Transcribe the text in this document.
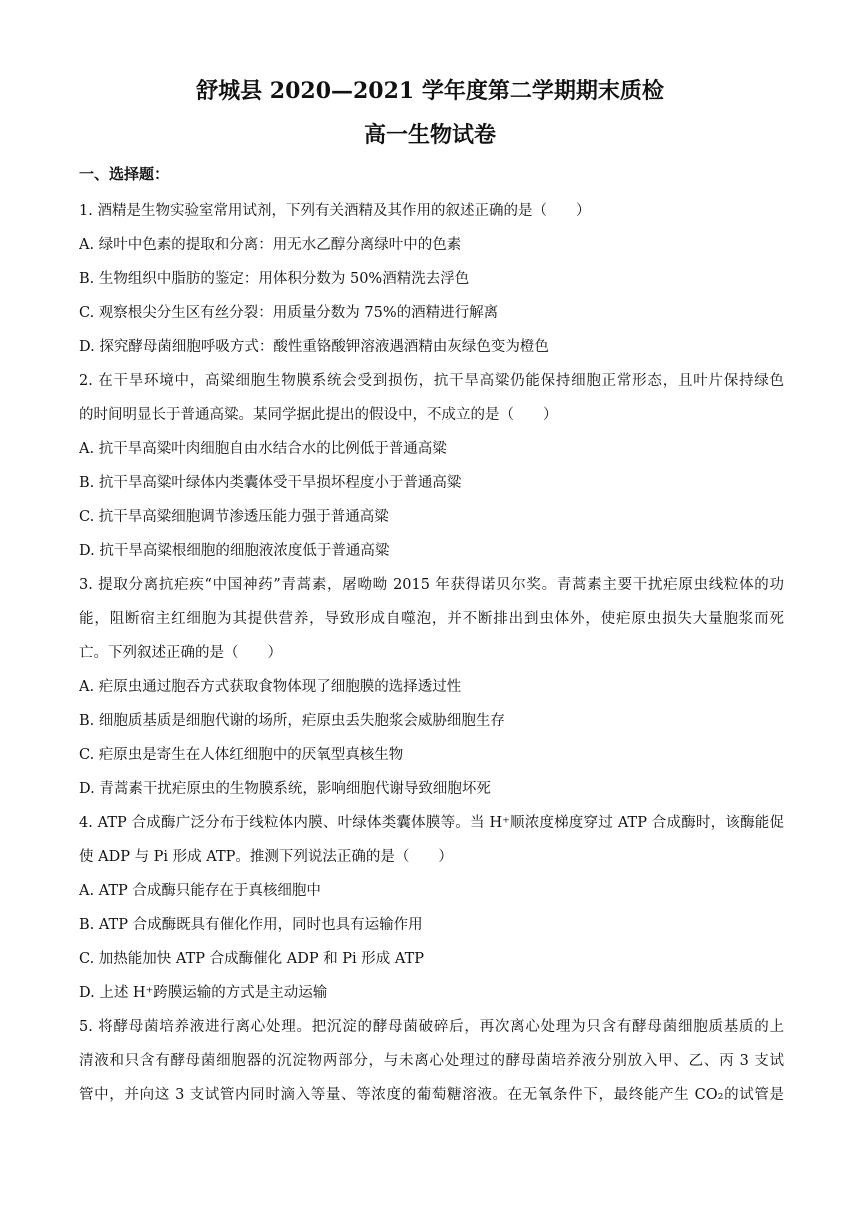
舒城县 2020—2021 学年度第二学期期末质检
高一生物试卷
一、选择题：
1. 酒精是生物实验室常用试剂，下列有关酒精及其作用的叙述正确的是（　　）
A. 绿叶中色素的提取和分离：用无水乙醇分离绿叶中的色素
B. 生物组织中脂肪的鉴定：用体积分数为 50%酒精洗去浮色
C. 观察根尖分生区有丝分裂：用质量分数为 75%的酒精进行解离
D. 探究酵母菌细胞呼吸方式：酸性重铬酸钾溶液遇酒精由灰绿色变为橙色
2. 在干旱环境中，高粱细胞生物膜系统会受到损伤，抗干旱高粱仍能保持细胞正常形态，且叶片保持绿色
的时间明显长于普通高粱。某同学据此提出的假设中，不成立的是（　　）
A. 抗干旱高粱叶肉细胞自由水结合水的比例低于普通高粱
B. 抗干旱高粱叶绿体内类囊体受干旱损坏程度小于普通高粱
C. 抗干旱高粱细胞调节渗透压能力强于普通高粱
D. 抗干旱高粱根细胞的细胞液浓度低于普通高粱
3. 提取分离抗疟疾“中国神药”青蒿素，屠呦呦 2015 年获得诺贝尔奖。青蒿素主要干扰疟原虫线粒体的功
能，阻断宿主红细胞为其提供营养，导致形成自噬泡，并不断排出到虫体外，使疟原虫损失大量胞浆而死
亡。下列叙述正确的是（　　）
A. 疟原虫通过胞吞方式获取食物体现了细胞膜的选择透过性
B. 细胞质基质是细胞代谢的场所，疟原虫丢失胞浆会威胁细胞生存
C. 疟原虫是寄生在人体红细胞中的厌氧型真核生物
D. 青蒿素干扰疟原虫的生物膜系统，影响细胞代谢导致细胞坏死
4. ATP 合成酶广泛分布于线粒体内膜、叶绿体类囊体膜等。当 H⁺顺浓度梯度穿过 ATP 合成酶时，该酶能促
使 ADP 与 Pi 形成 ATP。推测下列说法正确的是（　　）
A. ATP 合成酶只能存在于真核细胞中
B. ATP 合成酶既具有催化作用，同时也具有运输作用
C. 加热能加快 ATP 合成酶催化 ADP 和 Pi 形成 ATP
D. 上述 H⁺跨膜运输的方式是主动运输
5. 将酵母菌培养液进行离心处理。把沉淀的酵母菌破碎后，再次离心处理为只含有酵母菌细胞质基质的上
清液和只含有酵母菌细胞器的沉淀物两部分，与未离心处理过的酵母菌培养液分别放入甲、乙、丙 3 支试
管中，并向这 3 支试管内同时滴入等量、等浓度的葡萄糖溶液。在无氧条件下，最终能产生 CO₂的试管是
